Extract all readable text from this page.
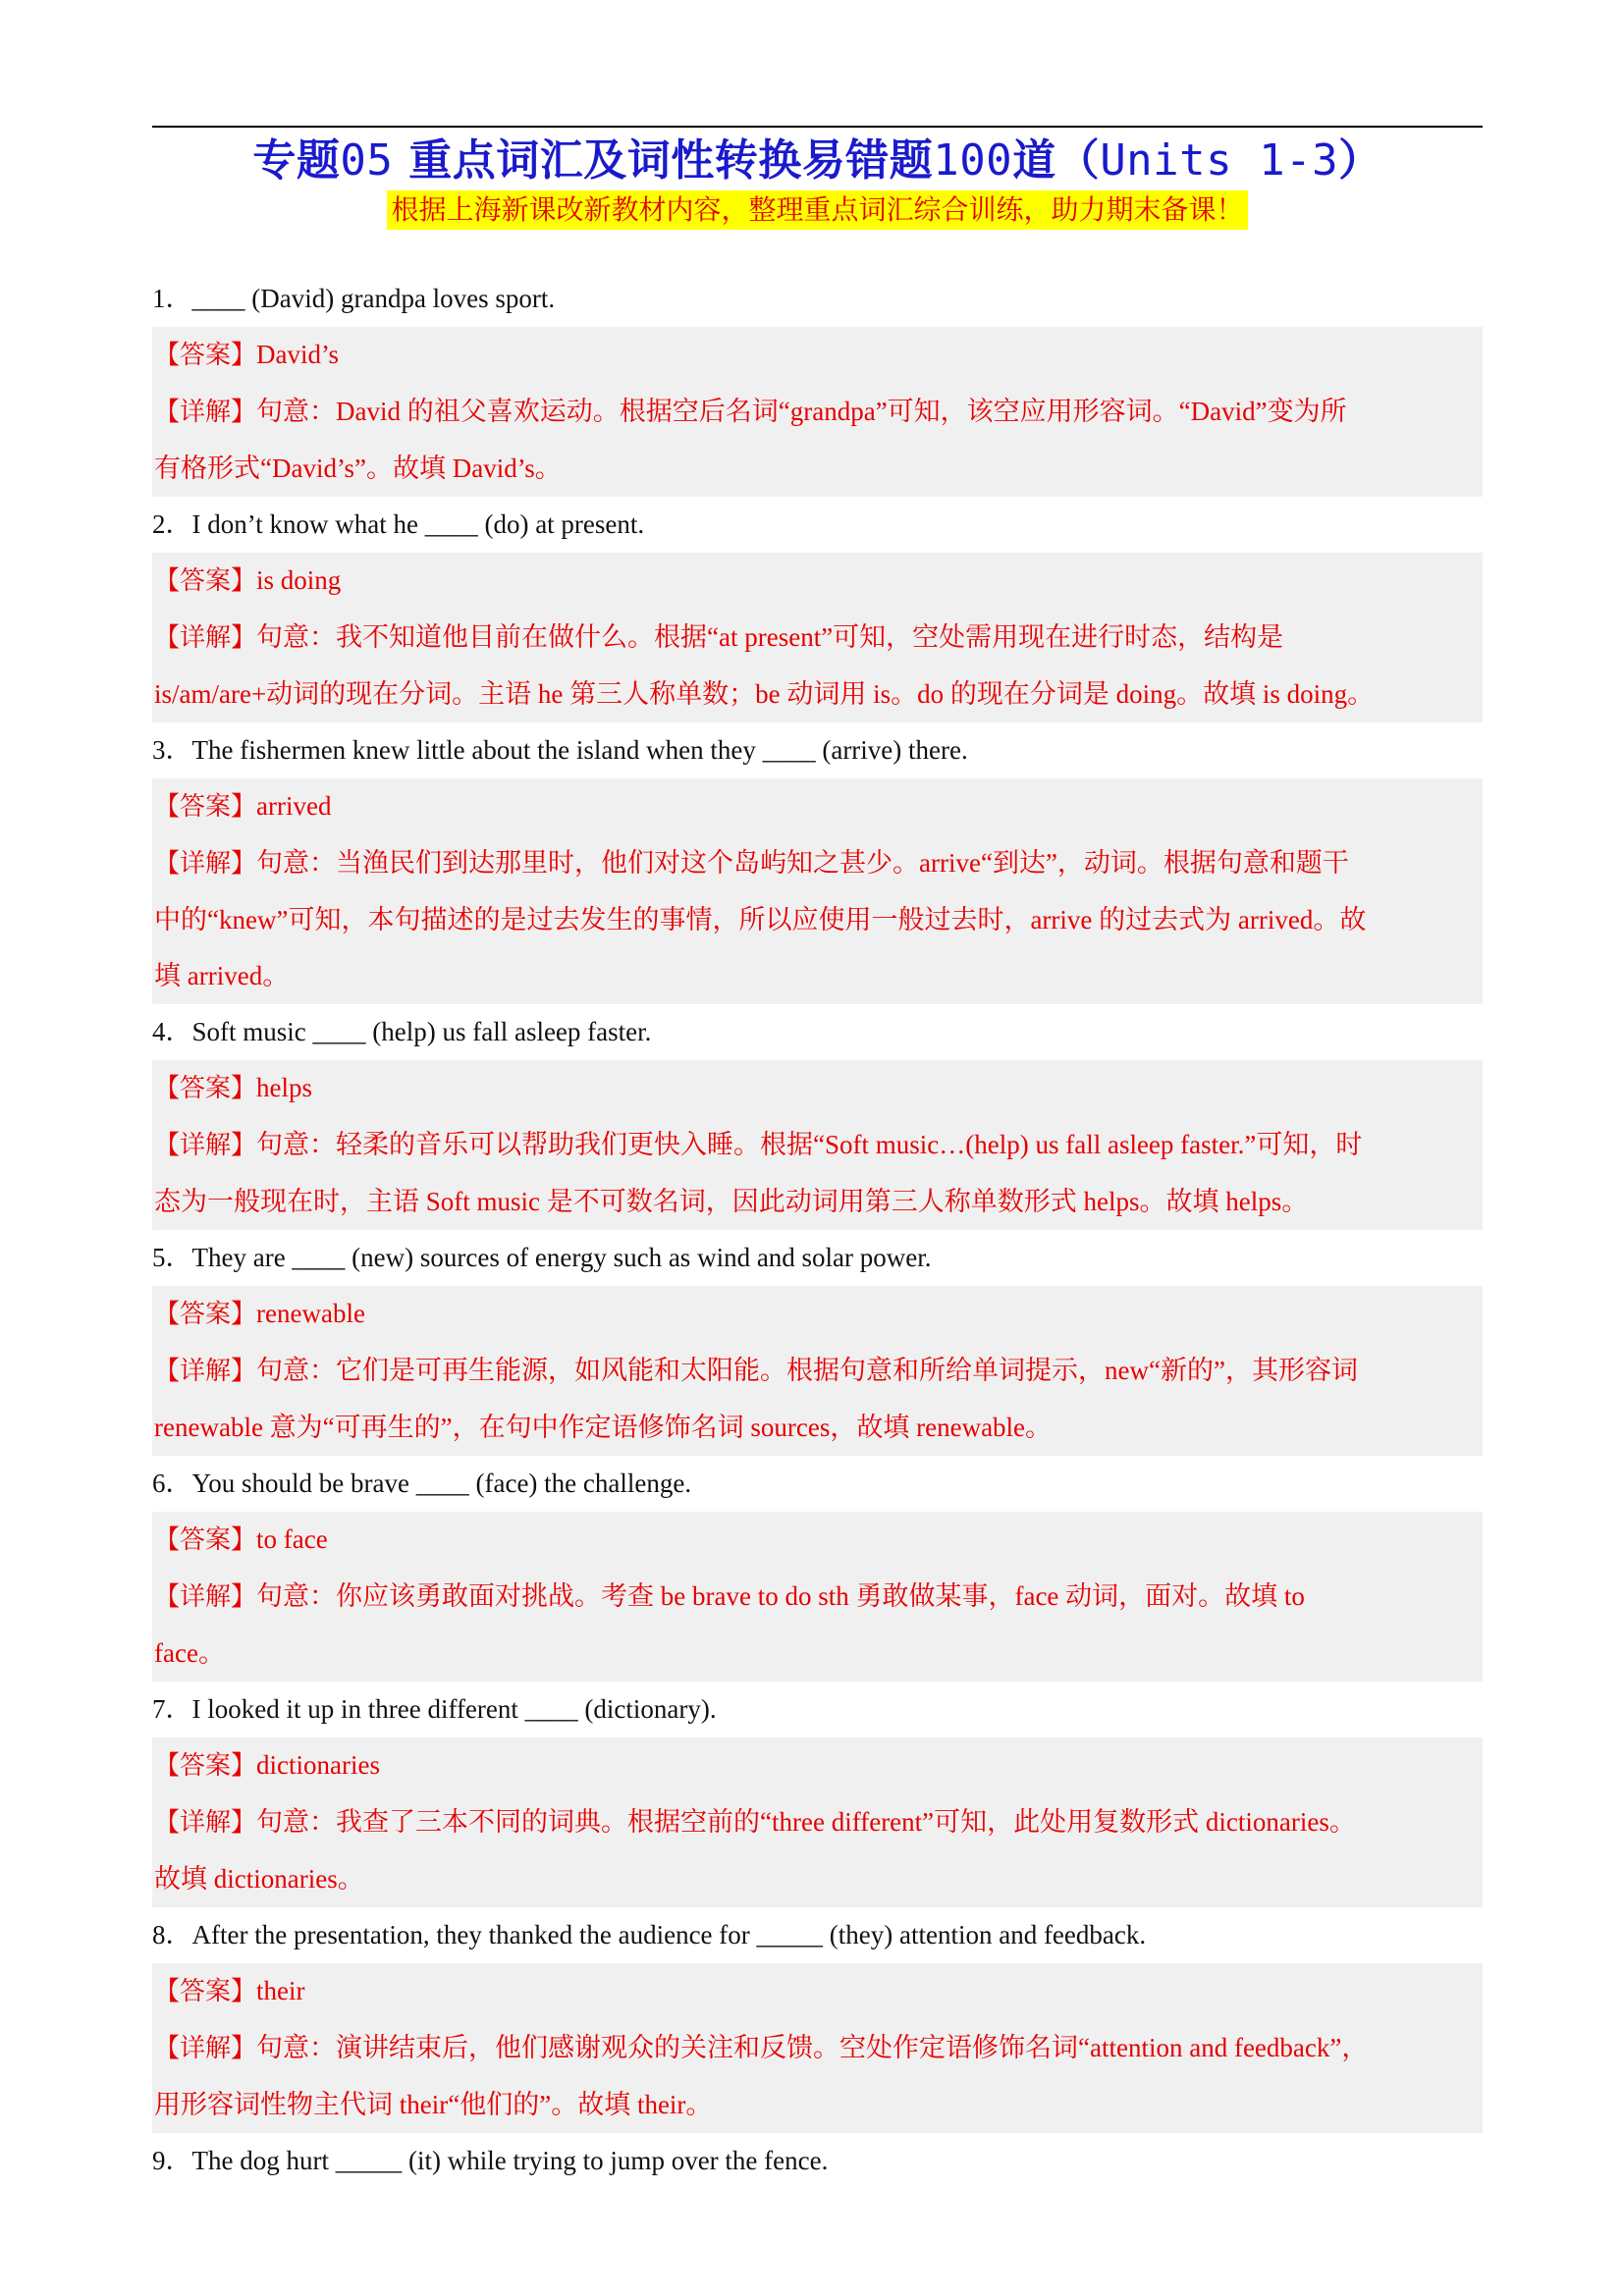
专题05 重点词汇及词性转换易错题100道（Units 1-3）
根据上海新课改新教材内容，整理重点词汇综合训练，助力期末备课！
1．____ (David) grandpa loves sport.
【答案】David’s
【详解】句意：David 的祖父喜欢运动。根据空后名词“grandpa”可知，该空应用形容词。“David”变为所
有格形式“David’s”。故填 David’s。
2．I don’t know what he ____ (do) at present.
【答案】is doing
【详解】句意：我不知道他目前在做什么。根据“at present”可知，空处需用现在进行时态，结构是
is/am/are+动词的现在分词。主语 he 第三人称单数；be 动词用 is。do 的现在分词是 doing。故填 is doing。
3．The fishermen knew little about the island when they ____ (arrive) there.
【答案】arrived
【详解】句意：当渔民们到达那里时，他们对这个岛屿知之甚少。arrive“到达”，动词。根据句意和题干
中的“knew”可知，本句描述的是过去发生的事情，所以应使用一般过去时，arrive 的过去式为 arrived。故
填 arrived。
4．Soft music ____ (help) us fall asleep faster.
【答案】helps
【详解】句意：轻柔的音乐可以帮助我们更快入睡。根据“Soft music…(help) us fall asleep faster.”可知，时
态为一般现在时，主语 Soft music 是不可数名词，因此动词用第三人称单数形式 helps。故填 helps。
5．They are ____ (new) sources of energy such as wind and solar power.
【答案】renewable
【详解】句意：它们是可再生能源，如风能和太阳能。根据句意和所给单词提示，new“新的”，其形容词
renewable 意为“可再生的”，在句中作定语修饰名词 sources，故填 renewable。
6．You should be brave ____ (face) the challenge.
【答案】to face
【详解】句意：你应该勇敢面对挑战。考查 be brave to do sth 勇敢做某事，face 动词，面对。故填 to
face。
7．I looked it up in three different ____ (dictionary).
【答案】dictionaries
【详解】句意：我查了三本不同的词典。根据空前的“three different”可知，此处用复数形式 dictionaries。
故填 dictionaries。
8．After the presentation, they thanked the audience for _____ (they) attention and feedback.
【答案】their
【详解】句意：演讲结束后，他们感谢观众的关注和反馈。空处作定语修饰名词“attention and feedback”，
用形容词性物主代词 their“他们的”。故填 their。
9．The dog hurt _____ (it) while trying to jump over the fence.
